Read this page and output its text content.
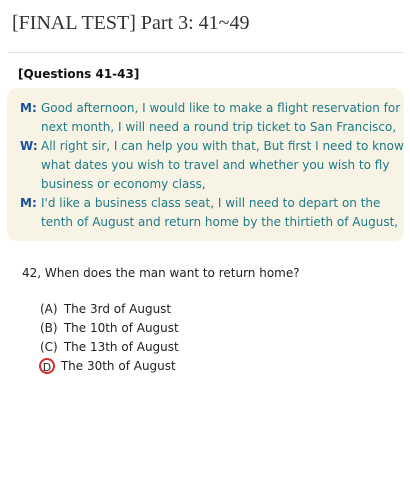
[FINAL TEST] Part 3: 41~49
[Questions 41-43]
M: Good afternoon, I would like to make a flight reservation for
next month, I will need a round trip ticket to San Francisco,
W: All right sir, I can help you with that, But first I need to know
what dates you wish to travel and whether you wish to fly
business or economy class,
M: I'd like a business class seat, I will need to depart on the
tenth of August and return home by the thirtieth of August,
42, When does the man want to return home?
(A) The 3rd of August
(B) The 10th of August
(C) The 13th of August
D The 30th of August
